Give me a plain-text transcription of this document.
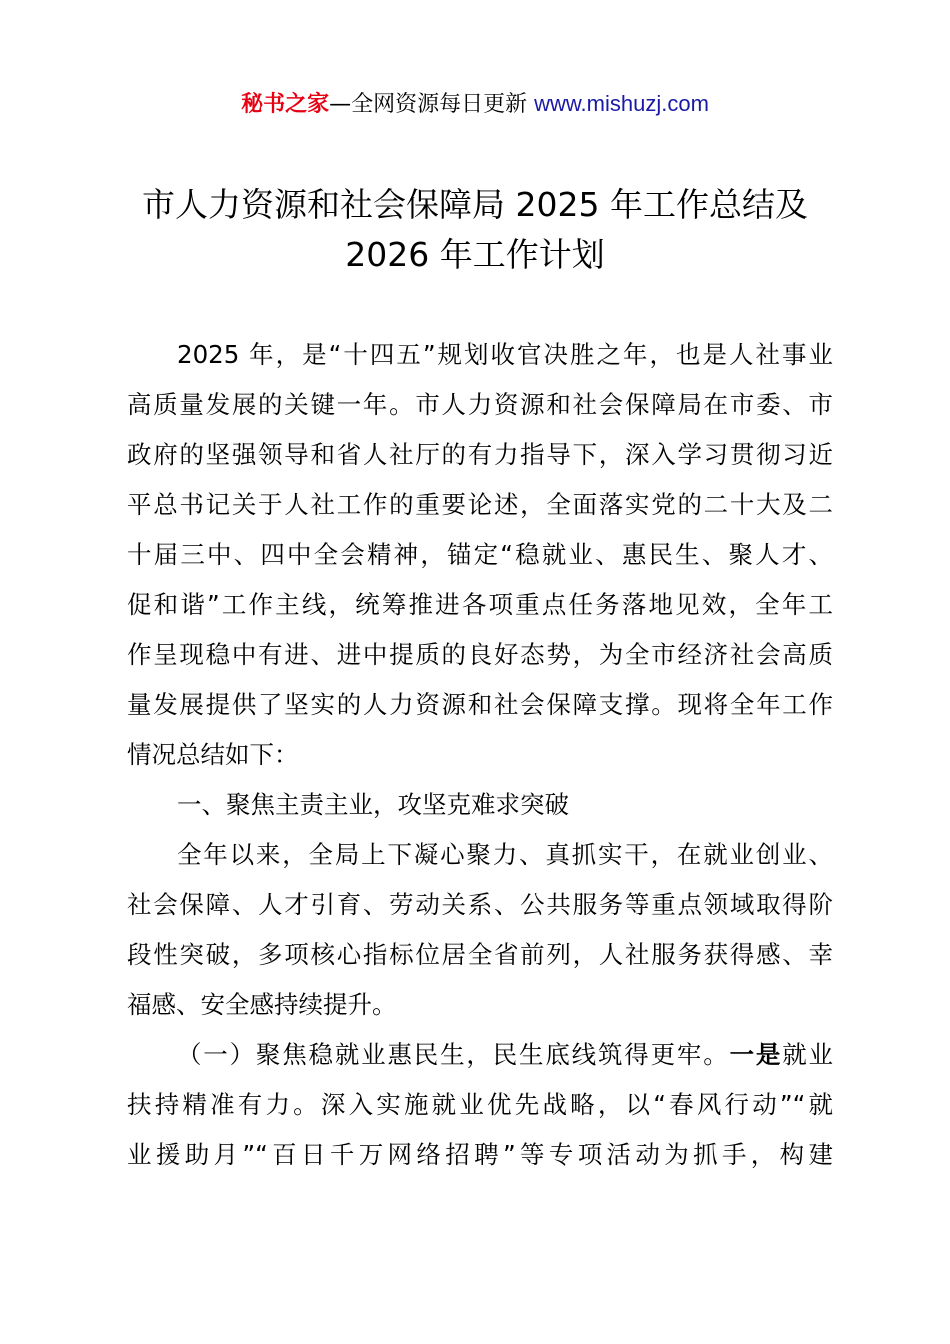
秘书之家—全网资源每日更新 www.mishuzj.com
市人力资源和社会保障局 2025 年工作总结及
2026 年工作计划

2025 年，是“十四五”规划收官决胜之年，也是人社事业
高质量发展的关键一年。市人力资源和社会保障局在市委、市
政府的坚强领导和省人社厅的有力指导下，深入学习贯彻习近
平总书记关于人社工作的重要论述，全面落实党的二十大及二
十届三中、四中全会精神，锚定“稳就业、惠民生、聚人才、
促和谐”工作主线，统筹推进各项重点任务落地见效，全年工
作呈现稳中有进、进中提质的良好态势，为全市经济社会高质
量发展提供了坚实的人力资源和社会保障支撑。现将全年工作
情况总结如下：

一、聚焦主责主业，攻坚克难求突破

全年以来，全局上下凝心聚力、真抓实干，在就业创业、
社会保障、人才引育、劳动关系、公共服务等重点领域取得阶
段性突破，多项核心指标位居全省前列，人社服务获得感、幸
福感、安全感持续提升。

（一）聚焦稳就业惠民生，民生底线筑得更牢。一是就业
扶持精准有力。深入实施就业优先战略，以“春风行动”“就
业援助月”“百日千万网络招聘”等专项活动为抓手，构建
